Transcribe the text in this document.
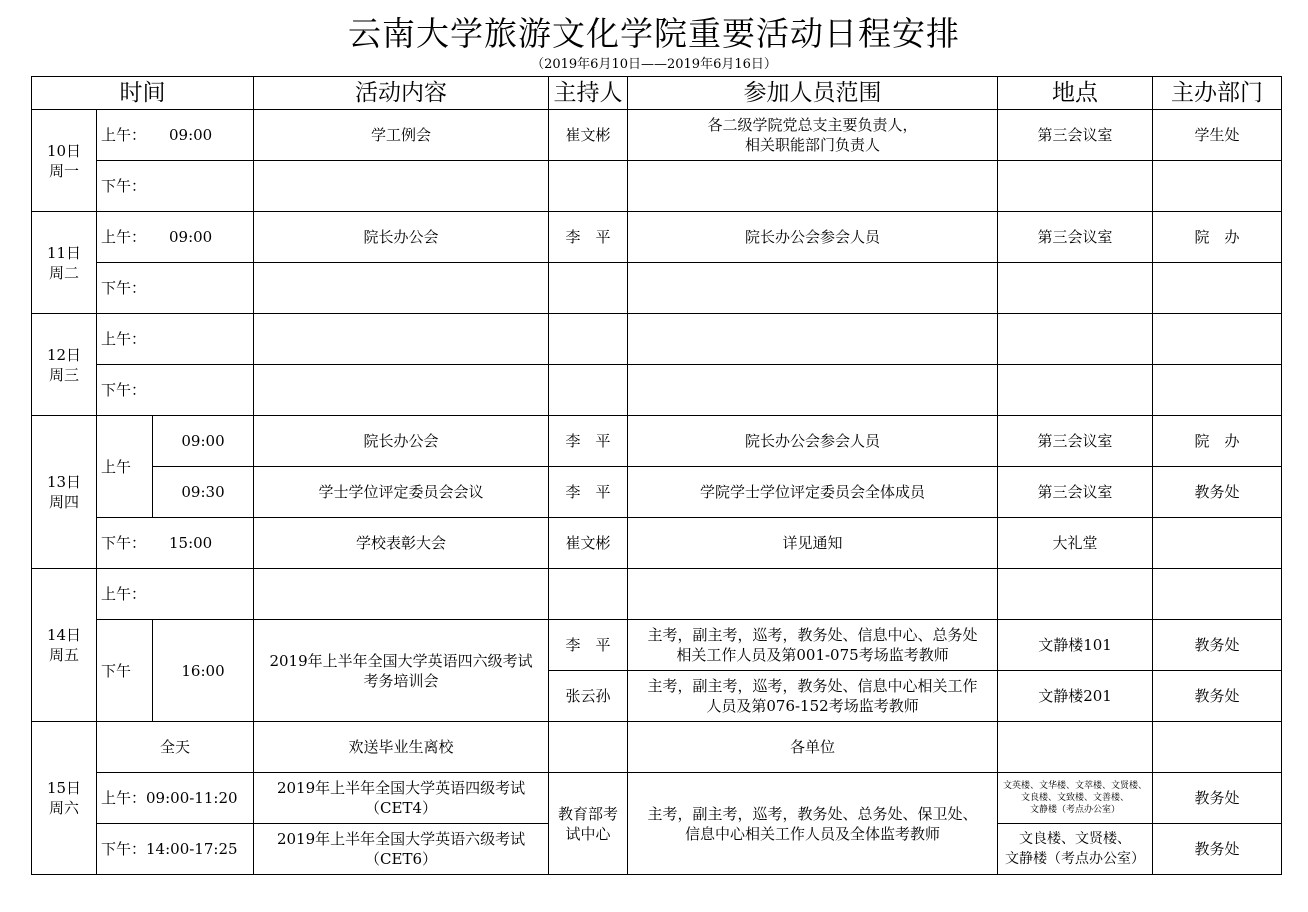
云南大学旅游文化学院重要活动日程安排
（2019年6月10日——2019年6月16日）
时间			活动内容	主持人	参加人员范围	地点	主办部门
10日
周一	上午： 09:00		学工例会	崔文彬	各二级学院党总支主要负责人，
相关职能部门负责人	第三会议室	学生处
	下午：						
11日
周二	上午： 09:00		院长办公会	李　平	院长办公会参会人员	第三会议室	院　办
	下午：						
12日
周三	上午：						
	下午：						
13日
周四	上午	09:00	院长办公会	李　平	院长办公会参会人员	第三会议室	院　办
		09:30	学士学位评定委员会会议	李　平	学院学士学位评定委员会全体成员	第三会议室	教务处
	下午： 15:00		学校表彰大会	崔文彬	详见通知	大礼堂	
14日
周五	上午：						
	下午	16:00	2019年上半年全国大学英语四六级考试
考务培训会	李　平	主考，副主考，巡考，教务处、信息中心、总务处
相关工作人员及第001-075考场监考教师	文静楼101	教务处
				张云孙	主考，副主考，巡考，教务处、信息中心相关工作
人员及第076-152考场监考教师	文静楼201	教务处
15日
周六	全天		欢送毕业生离校		各单位		
	上午：09:00-11:20		2019年上半年全国大学英语四级考试
（CET4）	教育部考
试中心	主考，副主考，巡考，教务处、总务处、保卫处、
信息中心相关工作人员及全体监考教师	文英楼、文华楼、文萃楼、文贤楼、
文良楼、文致楼、文善楼、
文静楼（考点办公室）	教务处
	下午：14:00-17:25		2019年上半年全国大学英语六级考试
（CET6）			文良楼、文贤楼、
文静楼（考点办公室）	教务处
